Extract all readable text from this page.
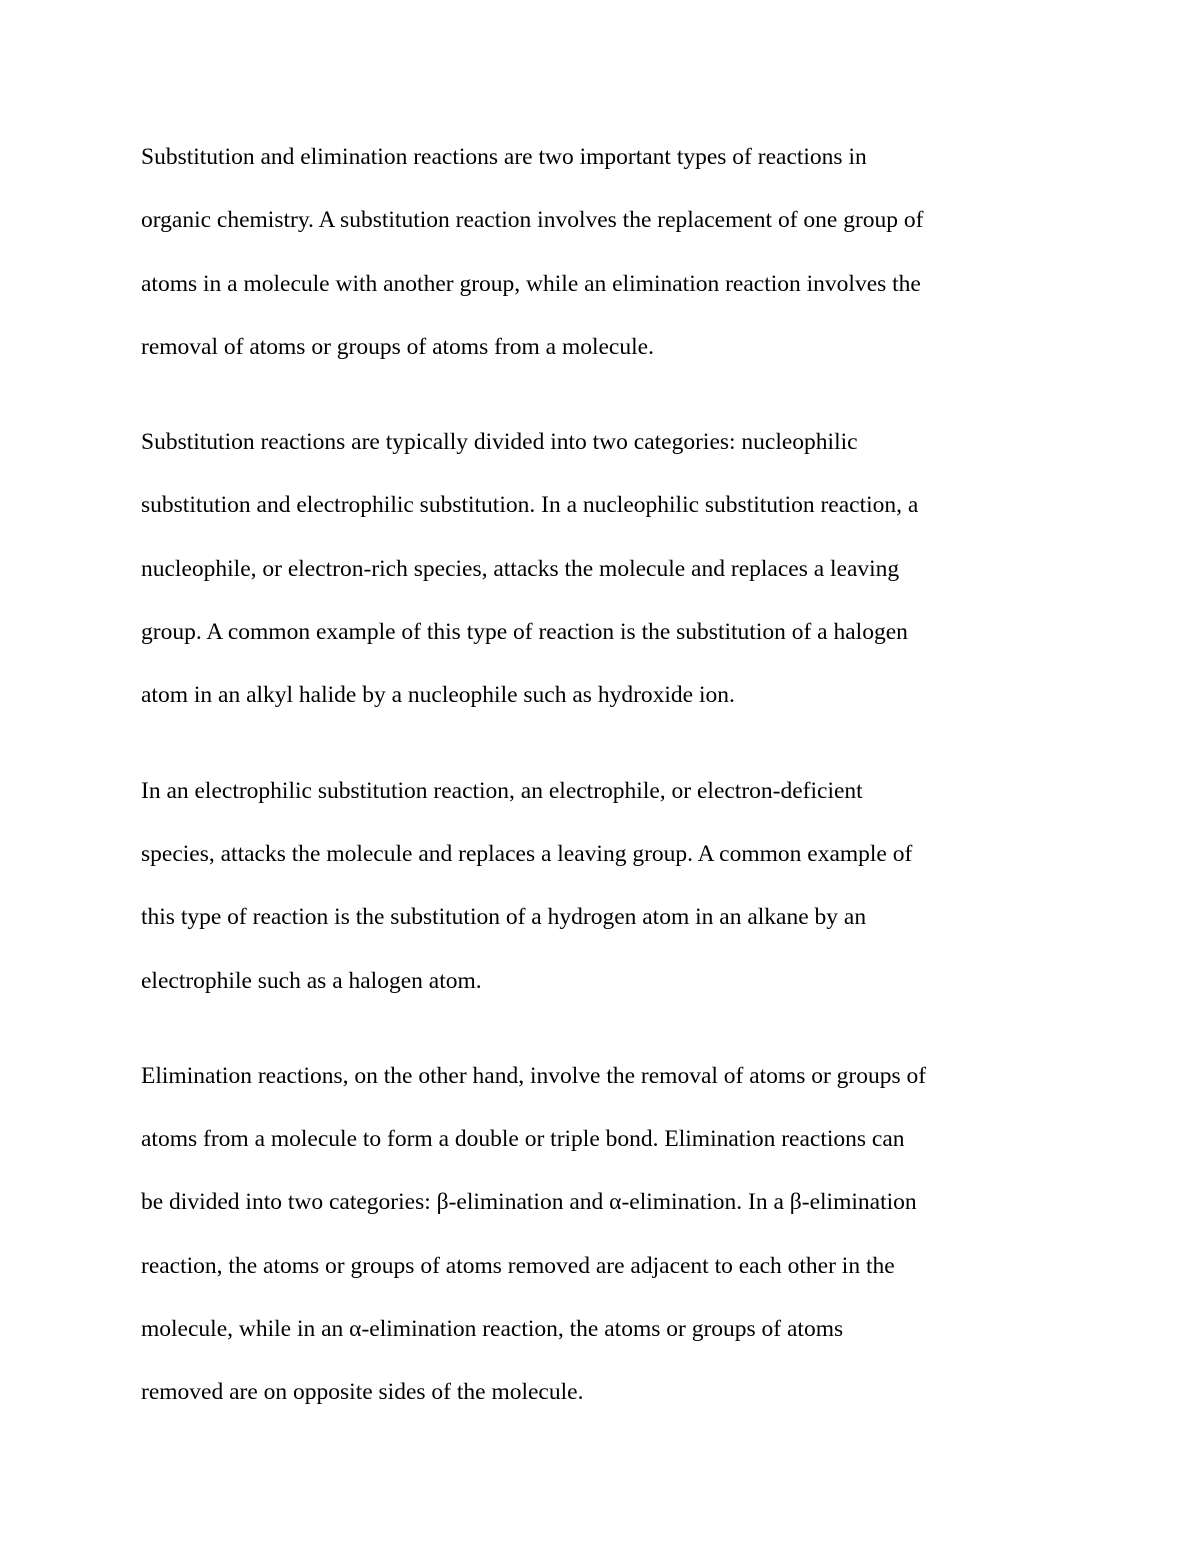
Substitution and elimination reactions are two important types of reactions in
organic chemistry. A substitution reaction involves the replacement of one group of
atoms in a molecule with another group, while an elimination reaction involves the
removal of atoms or groups of atoms from a molecule.
Substitution reactions are typically divided into two categories: nucleophilic
substitution and electrophilic substitution. In a nucleophilic substitution reaction, a
nucleophile, or electron-rich species, attacks the molecule and replaces a leaving
group. A common example of this type of reaction is the substitution of a halogen
atom in an alkyl halide by a nucleophile such as hydroxide ion.
In an electrophilic substitution reaction, an electrophile, or electron-deficient
species, attacks the molecule and replaces a leaving group. A common example of
this type of reaction is the substitution of a hydrogen atom in an alkane by an
electrophile such as a halogen atom.
Elimination reactions, on the other hand, involve the removal of atoms or groups of
atoms from a molecule to form a double or triple bond. Elimination reactions can
be divided into two categories: β-elimination and α-elimination. In a β-elimination
reaction, the atoms or groups of atoms removed are adjacent to each other in the
molecule, while in an α-elimination reaction, the atoms or groups of atoms
removed are on opposite sides of the molecule.
